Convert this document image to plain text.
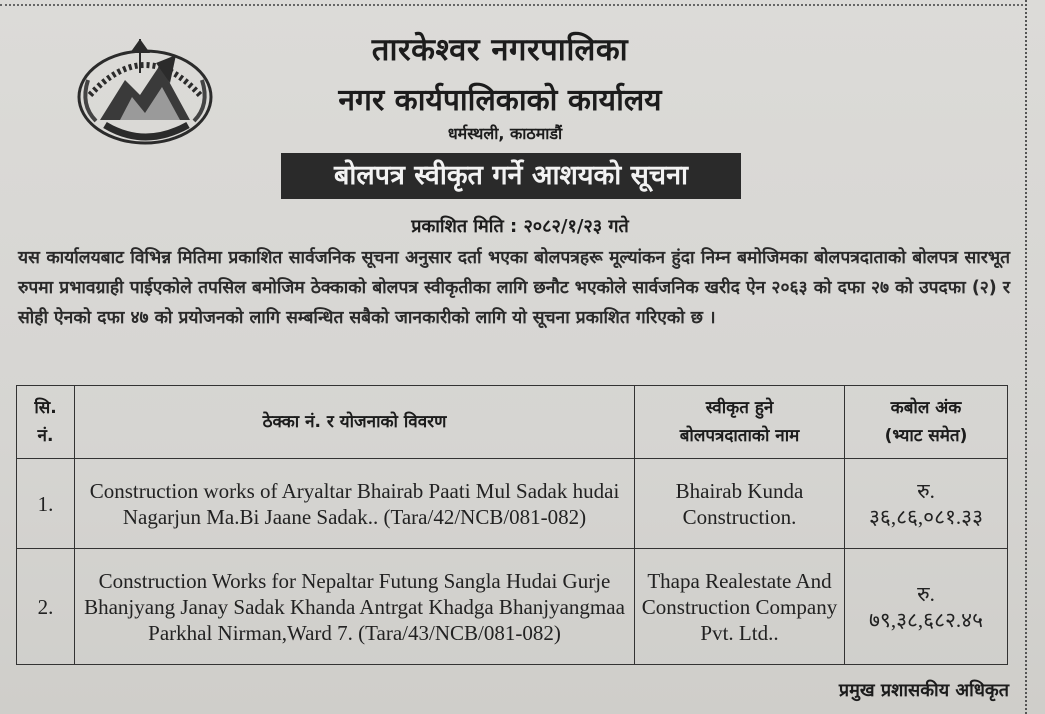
तारकेश्वर नगरपालिका
नगर कार्यपालिकाको कार्यालय
धर्मस्थली, काठमाडौं
बोलपत्र स्वीकृत गर्ने आशयको सूचना
प्रकाशित मिति : २०८२/१/२३ गते
यस कार्यालयबाट विभिन्न मितिमा प्रकाशित सार्वजनिक सूचना अनुसार दर्ता भएका बोलपत्रहरू मूल्यांकन हुंदा निम्न बमोजिमका बोलपत्रदाताको बोलपत्र सारभूत रुपमा प्रभावग्राही पाईएकोले तपसिल बमोजिम ठेक्काको बोलपत्र स्वीकृतीका लागि छनौट भएकोले सार्वजनिक खरीद ऐन २०६३ को दफा २७ को उपदफा (२) र सोही ऐनको दफा ४७ को प्रयोजनको लागि सम्बन्धित सबैको जानकारीको लागि यो सूचना प्रकाशित गरिएको छ ।
सि.
नं.	ठेक्का नं. र योजनाको विवरण	स्वीकृत हुने
बोलपत्रदाताको नाम	कबोल अंक
(भ्याट समेत)
1.	Construction works of Aryaltar Bhairab Paati Mul Sadak hudai Nagarjun Ma.Bi Jaane Sadak.. (Tara/42/NCB/081-082)	Bhairab Kunda Construction.	रु.
३६,८६,०८१.३३
2.	Construction Works for Nepaltar Futung Sangla Hudai Gurje Bhanjyang Janay Sadak Khanda Antrgat Khadga Bhanjyangmaa Parkhal Nirman,Ward 7. (Tara/43/NCB/081-082)	Thapa Realestate And Construction Company Pvt. Ltd..	रु.
७९,३८,६८२.४५
प्रमुख प्रशासकीय अधिकृत
